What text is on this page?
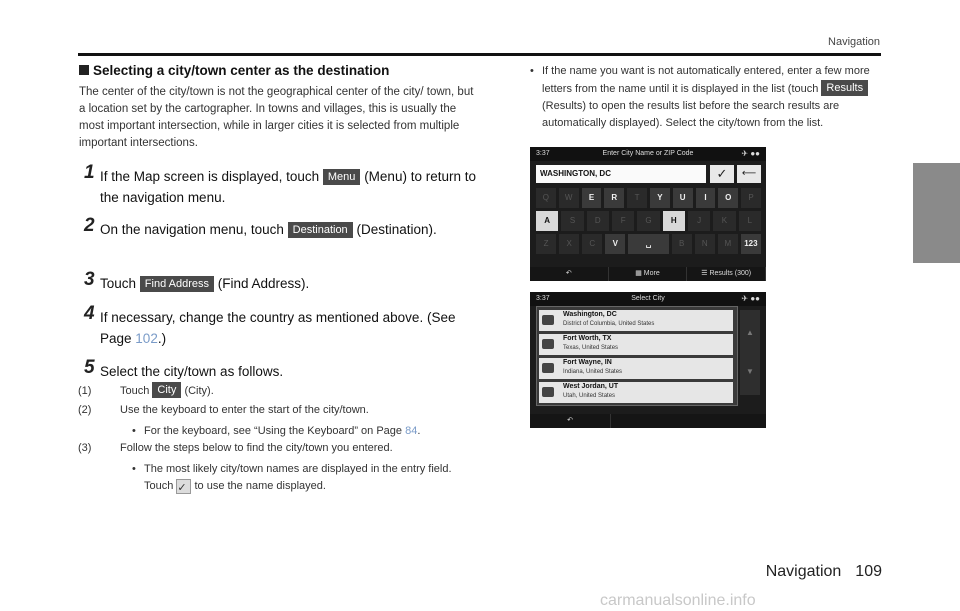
Navigation
Selecting a city/town center as the destination
The center of the city/town is not the geographical center of the city/ town, but a location set by the cartographer. In towns and villages, this is usually the most important intersection, while in larger cities it is selected from multiple important intersections.
1 If the Map screen is displayed, touch Menu (Menu) to return to the navigation menu.
2 On the navigation menu, touch Destination (Destination).
3 Touch Find Address (Find Address).
4 If necessary, change the country as mentioned above. (See Page 102.)
5 Select the city/town as follows.
(1)	Touch City (City).
(2)	Use the keyboard to enter the start of the city/town.
• For the keyboard, see “Using the Keyboard” on Page 84.
(3)	Follow the steps below to find the city/town you entered.
• The most likely city/town names are displayed in the entry field.
Touch ✓ to use the name displayed.
• If the name you want is not automatically entered, enter a few more letters from the name until it is displayed in the list (touch Results (Results) to open the results list before the search results are automatically displayed). Select the city/town from the list.
3:37	Enter City Name or ZIP Code	✈ ●●
WASHINGTON, DC	✓	⟵
Q	W	E	R	T	Y	U	I	O	P
A	S	D	F	G	H	J	K	L
Z	X	C	V	␣	B	N	M	123
↶	▦ More	☰ Results (300)
3:37	Select City	✈ ●●
Washington, DC
District of Columbia, United States
Fort Worth, TX
Texas, United States
Fort Wayne, IN
Indiana, United States
West Jordan, UT
Utah, United States
▲
▼
↶
Navigation 109
carmanualsonline.info
